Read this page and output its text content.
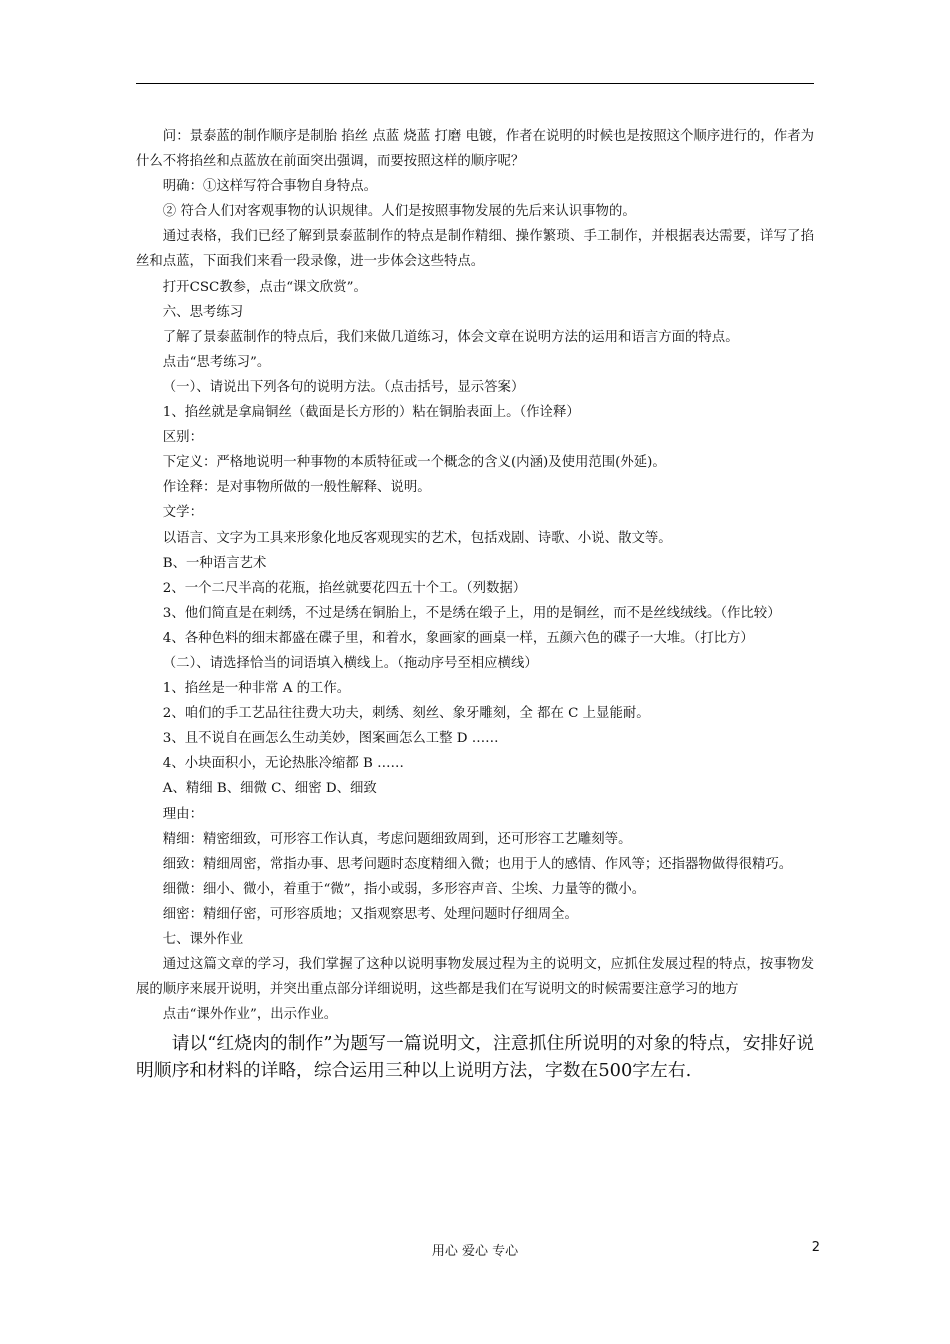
问：景泰蓝的制作顺序是制胎 掐丝 点蓝 烧蓝 打磨 电镀，作者在说明的时候也是按照这个顺序进行的，作者为什么不将掐丝和点蓝放在前面突出强调，而要按照这样的顺序呢？

明确：①这样写符合事物自身特点。

② 符合人们对客观事物的认识规律。人们是按照事物发展的先后来认识事物的。

通过表格，我们已经了解到景泰蓝制作的特点是制作精细、操作繁琐、手工制作，并根据表达需要，详写了掐丝和点蓝，下面我们来看一段录像，进一步体会这些特点。

打开CSC教参，点击“课文欣赏”。

六、思考练习

了解了景泰蓝制作的特点后，我们来做几道练习，体会文章在说明方法的运用和语言方面的特点。

点击“思考练习”。

（一）、请说出下列各句的说明方法。（点击括号，显示答案）

1、掐丝就是拿扁铜丝（截面是长方形的）粘在铜胎表面上。（作诠释）

区别：

下定义：严格地说明一种事物的本质特征或一个概念的含义(内涵)及使用范围(外延)。

作诠释：是对事物所做的一般性解释、说明。

文学：

以语言、文字为工具来形象化地反客观现实的艺术，包括戏剧、诗歌、小说、散文等。

B、一种语言艺术

2、一个二尺半高的花瓶，掐丝就要花四五十个工。（列数据）

3、他们简直是在刺绣，不过是绣在铜胎上，不是绣在缎子上，用的是铜丝，而不是丝线绒线。（作比较）

4、各种色料的细末都盛在碟子里，和着水，象画家的画桌一样，五颜六色的碟子一大堆。（打比方）

（二）、请选择恰当的词语填入横线上。（拖动序号至相应横线）

1、掐丝是一种非常 A 的工作。

2、咱们的手工艺品往往费大功夫，刺绣、刻丝、象牙雕刻，全 都在 C 上显能耐。

3、且不说自在画怎么生动美妙，图案画怎么工整 D ……

4、小块面积小，无论热胀冷缩都 B ……

A、精细 B、细微 C、细密 D、细致

理由：

精细：精密细致，可形容工作认真，考虑问题细致周到，还可形容工艺雕刻等。

细致：精细周密，常指办事、思考问题时态度精细入微；也用于人的感情、作风等；还指器物做得很精巧。

细微：细小、微小，着重于“微”，指小或弱，多形容声音、尘埃、力量等的微小。

细密：精细仔密，可形容质地；又指观察思考、处理问题时仔细周全。

七、课外作业

通过这篇文章的学习，我们掌握了这种以说明事物发展过程为主的说明文，应抓住发展过程的特点，按事物发展的顺序来展开说明，并突出重点部分详细说明，这些都是我们在写说明文的时候需要注意学习的地方

点击“课外作业”，出示作业。

请以“红烧肉的制作”为题写一篇说明文，注意抓住所说明的对象的特点，安排好说明顺序和材料的详略，综合运用三种以上说明方法，字数在500字左右.

用心 爱心 专心	2
